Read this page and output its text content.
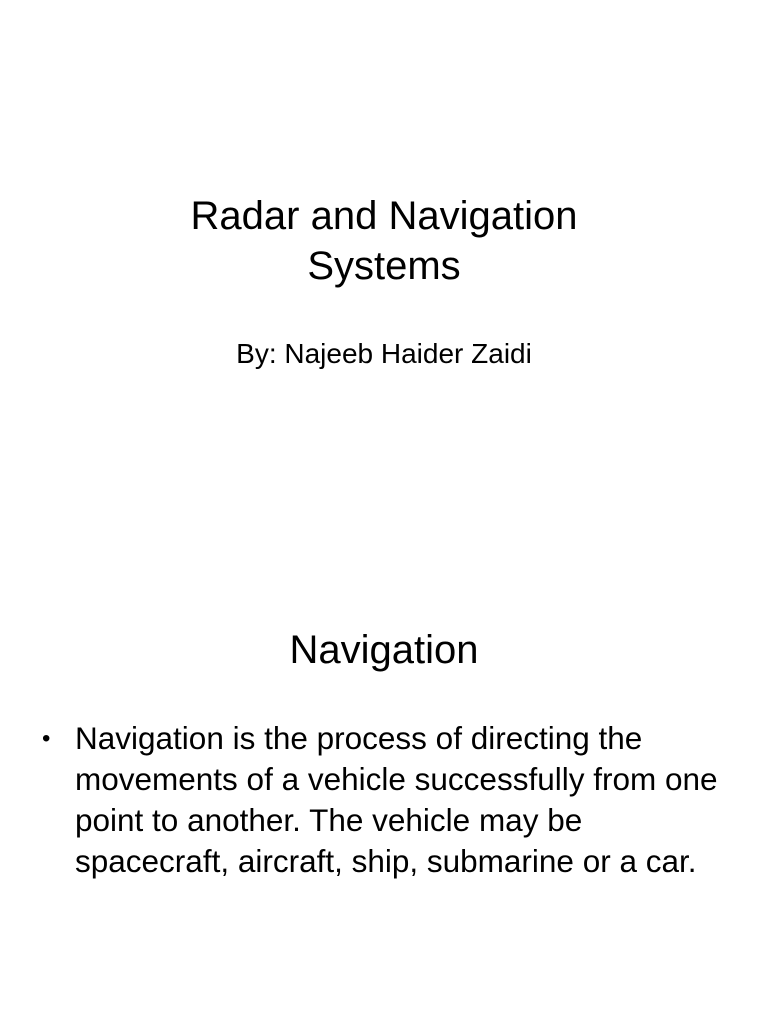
Radar and Navigation
Systems
By: Najeeb Haider Zaidi
Navigation
• Navigation is the process of directing the movements of a vehicle successfully from one point to another. The vehicle may be spacecraft, aircraft, ship, submarine or a car.
